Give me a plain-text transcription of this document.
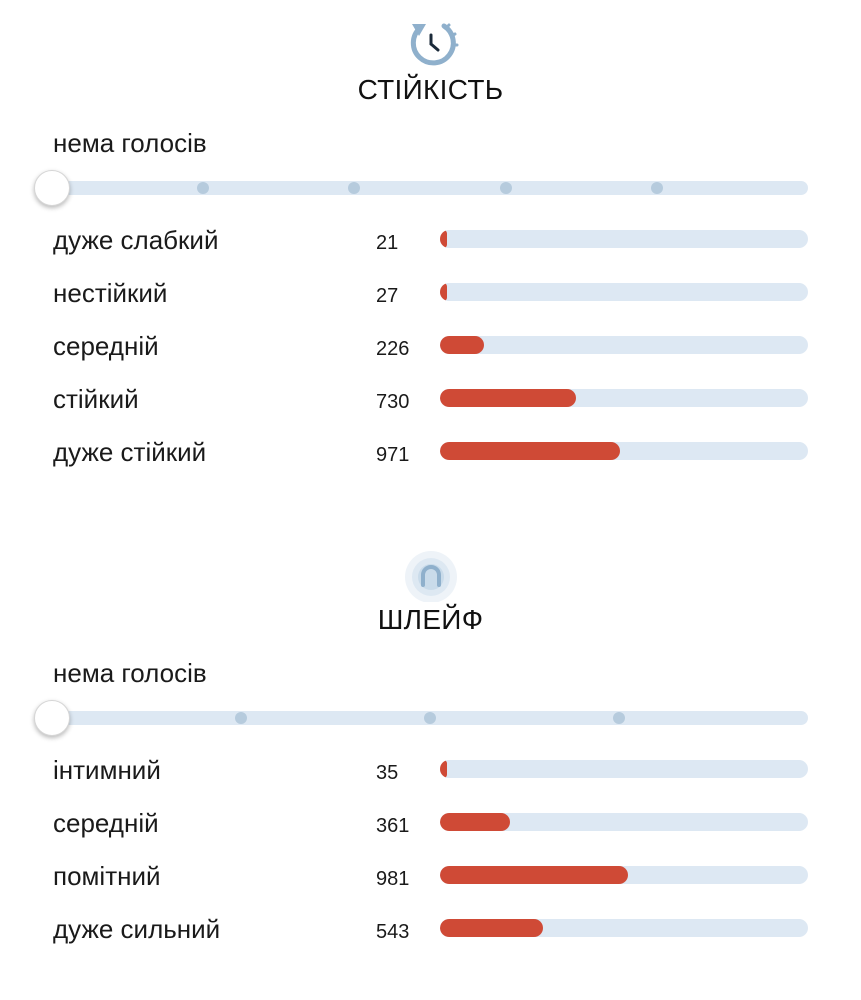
СТІЙКІСТЬ
нема голосів
дуже слабкий	21
нестійкий	27
середній	226
стійкий	730
дуже стійкий	971
ШЛЕЙФ
нема голосів
інтимний	35
середній	361
помітний	981
дуже сильний	543
